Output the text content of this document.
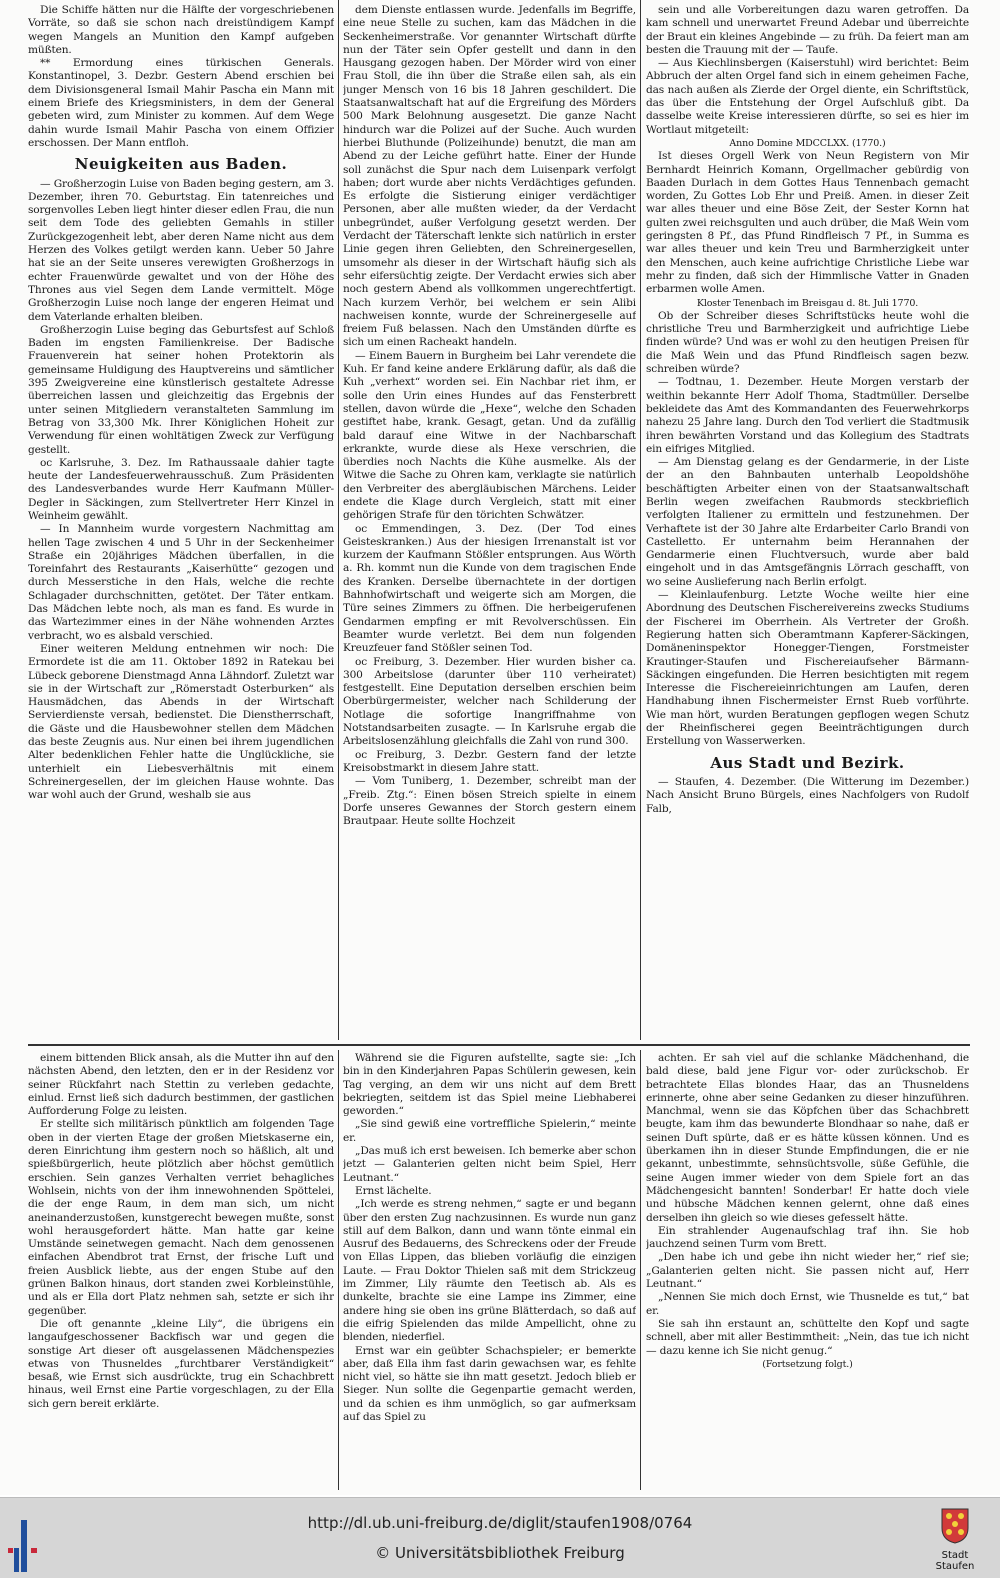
Die Schiffe hätten nur die Hälfte der vorgeschriebenen Vorräte, so daß sie schon nach dreistündigem Kampf wegen Mangels an Munition den Kampf aufgeben müßten.

** Ermordung eines türkischen Generals. Konstantinopel, 3. Dezbr. Gestern Abend erschien bei dem Divisionsgeneral Ismail Mahir Pascha ein Mann mit einem Briefe des Kriegsministers, in dem der General gebeten wird, zum Minister zu kommen. Auf dem Wege dahin wurde Ismail Mahir Pascha von einem Offizier erschossen. Der Mann entfloh.

Neuigkeiten aus Baden.

— Großherzogin Luise von Baden beging gestern, am 3. Dezember, ihren 70. Geburtstag. Ein tatenreiches und sorgenvolles Leben liegt hinter dieser edlen Frau, die nun seit dem Tode des geliebten Gemahls in stiller Zurückgezogenheit lebt, aber deren Name nicht aus dem Herzen des Volkes getilgt werden kann. Ueber 50 Jahre hat sie an der Seite unseres verewigten Großherzogs in echter Frauenwürde gewaltet und von der Höhe des Thrones aus viel Segen dem Lande vermittelt. Möge Großherzogin Luise noch lange der engeren Heimat und dem Vaterlande erhalten bleiben.

Großherzogin Luise beging das Geburtsfest auf Schloß Baden im engsten Familienkreise. Der Badische Frauenverein hat seiner hohen Protektorin als gemeinsame Huldigung des Hauptvereins und sämtlicher 395 Zweigvereine eine künstlerisch gestaltete Adresse überreichen lassen und gleichzeitig das Ergebnis der unter seinen Mitgliedern veranstalteten Sammlung im Betrag von 33,300 Mk. Ihrer Königlichen Hoheit zur Verwendung für einen wohltätigen Zweck zur Verfügung gestellt.

oc Karlsruhe, 3. Dez. Im Rathaussaale dahier tagte heute der Landesfeuerwehrausschuß. Zum Präsidenten des Landesverbandes wurde Herr Kaufmann Müller-Degler in Säckingen, zum Stellvertreter Herr Kinzel in Weinheim gewählt.

— In Mannheim wurde vorgestern Nachmittag am hellen Tage zwischen 4 und 5 Uhr in der Seckenheimer Straße ein 20jähriges Mädchen überfallen, in die Toreinfahrt des Restaurants „Kaiserhütte“ gezogen und durch Messerstiche in den Hals, welche die rechte Schlagader durchschnitten, getötet. Der Täter entkam. Das Mädchen lebte noch, als man es fand. Es wurde in das Wartezimmer eines in der Nähe wohnenden Arztes verbracht, wo es alsbald verschied.

Einer weiteren Meldung entnehmen wir noch: Die Ermordete ist die am 11. Oktober 1892 in Ratekau bei Lübeck geborene Dienstmagd Anna Lähndorf. Zuletzt war sie in der Wirtschaft zur „Römerstadt Osterburken“ als Hausmädchen, das Abends in der Wirtschaft Servierdienste versah, bedienstet. Die Dienstherrschaft, die Gäste und die Hausbewohner stellen dem Mädchen das beste Zeugnis aus. Nur einen bei ihrem jugendlichen Alter bedenklichen Fehler hatte die Unglückliche, sie unterhielt ein Liebesverhältnis mit einem Schreinergesellen, der im gleichen Hause wohnte. Das war wohl auch der Grund, weshalb sie aus

dem Dienste entlassen wurde. Jedenfalls im Begriffe, eine neue Stelle zu suchen, kam das Mädchen in die Seckenheimerstraße. Vor genannter Wirtschaft dürfte nun der Täter sein Opfer gestellt und dann in den Hausgang gezogen haben. Der Mörder wird von einer Frau Stoll, die ihn über die Straße eilen sah, als ein junger Mensch von 16 bis 18 Jahren geschildert. Die Staatsanwaltschaft hat auf die Ergreifung des Mörders 500 Mark Belohnung ausgesetzt. Die ganze Nacht hindurch war die Polizei auf der Suche. Auch wurden hierbei Bluthunde (Polizeihunde) benutzt, die man am Abend zu der Leiche geführt hatte. Einer der Hunde soll zunächst die Spur nach dem Luisenpark verfolgt haben; dort wurde aber nichts Verdächtiges gefunden. Es erfolgte die Sistierung einiger verdächtiger Personen, aber alle mußten wieder, da der Verdacht unbegründet, außer Verfolgung gesetzt werden. Der Verdacht der Täterschaft lenkte sich natürlich in erster Linie gegen ihren Geliebten, den Schreinergesellen, umsomehr als dieser in der Wirtschaft häufig sich als sehr eifersüchtig zeigte. Der Verdacht erwies sich aber noch gestern Abend als vollkommen ungerechtfertigt. Nach kurzem Verhör, bei welchem er sein Alibi nachweisen konnte, wurde der Schreinergeselle auf freiem Fuß belassen. Nach den Umständen dürfte es sich um einen Racheakt handeln.

— Einem Bauern in Burgheim bei Lahr verendete die Kuh. Er fand keine andere Erklärung dafür, als daß die Kuh „verhext“ worden sei. Ein Nachbar riet ihm, er solle den Urin eines Hundes auf das Fensterbrett stellen, davon würde die „Hexe“, welche den Schaden gestiftet habe, krank. Gesagt, getan. Und da zufällig bald darauf eine Witwe in der Nachbarschaft erkrankte, wurde diese als Hexe verschrien, die überdies noch Nachts die Kühe ausmelke. Als der Witwe die Sache zu Ohren kam, verklagte sie natürlich den Verbreiter des abergläubischen Märchens. Leider endete die Klage durch Vergleich, statt mit einer gehörigen Strafe für den törichten Schwätzer.

oc Emmendingen, 3. Dez. (Der Tod eines Geisteskranken.) Aus der hiesigen Irrenanstalt ist vor kurzem der Kaufmann Stößler entsprungen. Aus Wörth a. Rh. kommt nun die Kunde von dem tragischen Ende des Kranken. Derselbe übernachtete in der dortigen Bahnhofwirtschaft und weigerte sich am Morgen, die Türe seines Zimmers zu öffnen. Die herbeigerufenen Gendarmen empfing er mit Revolverschüssen. Ein Beamter wurde verletzt. Bei dem nun folgenden Kreuzfeuer fand Stößler seinen Tod.

oc Freiburg, 3. Dezember. Hier wurden bisher ca. 300 Arbeitslose (darunter über 110 verheiratet) festgestellt. Eine Deputation derselben erschien beim Oberbürgermeister, welcher nach Schilderung der Notlage die sofortige Inangriffnahme von Notstandsarbeiten zusagte. — In Karlsruhe ergab die Arbeitslosenzählung gleichfalls die Zahl von rund 300.

oc Freiburg, 3. Dezbr. Gestern fand der letzte Kreisobstmarkt in diesem Jahre statt.

— Vom Tuniberg, 1. Dezember, schreibt man der „Freib. Ztg.“: Einen bösen Streich spielte in einem Dorfe unseres Gewannes der Storch gestern einem Brautpaar. Heute sollte Hochzeit

sein und alle Vorbereitungen dazu waren getroffen. Da kam schnell und unerwartet Freund Adebar und überreichte der Braut ein kleines Angebinde — zu früh. Da feiert man am besten die Trauung mit der — Taufe.

— Aus Kiechlinsbergen (Kaiserstuhl) wird berichtet: Beim Abbruch der alten Orgel fand sich in einem geheimen Fache, das nach außen als Zierde der Orgel diente, ein Schriftstück, das über die Entstehung der Orgel Aufschluß gibt. Da dasselbe weite Kreise interessieren dürfte, so sei es hier im Wortlaut mitgeteilt:

Anno Domine MDCCLXX. (1770.)

Ist dieses Orgell Werk von Neun Registern von Mir Bernhardt Heinrich Komann, Orgellmacher gebürdig von Baaden Durlach in dem Gottes Haus Tennenbach gemacht worden, Zu Gottes Lob Ehr und Preiß. Amen. in dieser Zeit war alles theuer und eine Böse Zeit, der Sester Kornn hat gulten zwei reichsgulten und auch drüber, die Maß Wein vom geringsten 8 Pf., das Pfund Rindfleisch 7 Pf., in Summa es war alles theuer und kein Treu und Barmherzigkeit unter den Menschen, auch keine aufrichtige Christliche Liebe war mehr zu finden, daß sich der Himmlische Vatter in Gnaden erbarmen wolle Amen.

Kloster Tenenbach im Breisgau d. 8t. Juli 1770.

Ob der Schreiber dieses Schriftstücks heute wohl die christliche Treu und Barmherzigkeit und aufrichtige Liebe finden würde? Und was er wohl zu den heutigen Preisen für die Maß Wein und das Pfund Rindfleisch sagen bezw. schreiben würde?

— Todtnau, 1. Dezember. Heute Morgen verstarb der weithin bekannte Herr Adolf Thoma, Stadtmüller. Derselbe bekleidete das Amt des Kommandanten des Feuerwehrkorps nahezu 25 Jahre lang. Durch den Tod verliert die Stadtmusik ihren bewährten Vorstand und das Kollegium des Stadtrats ein eifriges Mitglied.

— Am Dienstag gelang es der Gendarmerie, in der Liste der an den Bahnbauten unterhalb Leopoldshöhe beschäftigten Arbeiter einen von der Staatsanwaltschaft Berlin wegen zweifachen Raubmords steckbrieflich verfolgten Italiener zu ermitteln und festzunehmen. Der Verhaftete ist der 30 Jahre alte Erdarbeiter Carlo Brandi von Castelletto. Er unternahm beim Herannahen der Gendarmerie einen Fluchtversuch, wurde aber bald eingeholt und in das Amtsgefängnis Lörrach geschafft, von wo seine Auslieferung nach Berlin erfolgt.

— Kleinlaufenburg. Letzte Woche weilte hier eine Abordnung des Deutschen Fischereivereins zwecks Studiums der Fischerei im Oberrhein. Als Vertreter der Großh. Regierung hatten sich Oberamtmann Kapferer-Säckingen, Domäneninspektor Honegger-Tiengen, Forstmeister Krautinger-Staufen und Fischereiaufseher Bärmann-Säckingen eingefunden. Die Herren besichtigten mit regem Interesse die Fischereieinrichtungen am Laufen, deren Handhabung ihnen Fischermeister Ernst Rueb vorführte. Wie man hört, wurden Beratungen gepflogen wegen Schutz der Rheinfischerei gegen Beeinträchtigungen durch Erstellung von Wasserwerken.

Aus Stadt und Bezirk.

— Staufen, 4. Dezember. (Die Witterung im Dezember.) Nach Ansicht Bruno Bürgels, eines Nachfolgers von Rudolf Falb,

einem bittenden Blick ansah, als die Mutter ihn auf den nächsten Abend, den letzten, den er in der Residenz vor seiner Rückfahrt nach Stettin zu verleben gedachte, einlud. Ernst ließ sich dadurch bestimmen, der gastlichen Aufforderung Folge zu leisten.

Er stellte sich militärisch pünktlich am folgenden Tage oben in der vierten Etage der großen Mietskaserne ein, deren Einrichtung ihm gestern noch so häßlich, alt und spießbürgerlich, heute plötzlich aber höchst gemütlich erschien. Sein ganzes Verhalten verriet behagliches Wohlsein, nichts von der ihm innewohnenden Spöttelei, die der enge Raum, in dem man sich, um nicht aneinanderzustoßen, kunstgerecht bewegen mußte, sonst wohl herausgefordert hätte. Man hatte gar keine Umstände seinetwegen gemacht. Nach dem genossenen einfachen Abendbrot trat Ernst, der frische Luft und freien Ausblick liebte, aus der engen Stube auf den grünen Balkon hinaus, dort standen zwei Korbleinstühle, und als er Ella dort Platz nehmen sah, setzte er sich ihr gegenüber.

Die oft genannte „kleine Lily“, die übrigens ein langaufgeschossener Backfisch war und gegen die sonstige Art dieser oft ausgelassenen Mädchenspezies etwas von Thusneldes „furchtbarer Verständigkeit“ besaß, wie Ernst sich ausdrückte, trug ein Schachbrett hinaus, weil Ernst eine Partie vorgeschlagen, zu der Ella sich gern bereit erklärte.

Während sie die Figuren aufstellte, sagte sie: „Ich bin in den Kinderjahren Papas Schülerin gewesen, kein Tag verging, an dem wir uns nicht auf dem Brett bekriegten, seitdem ist das Spiel meine Liebhaberei geworden.“

„Sie sind gewiß eine vortreffliche Spielerin,“ meinte er.

„Das muß ich erst beweisen. Ich bemerke aber schon jetzt — Galanterien gelten nicht beim Spiel, Herr Leutnant.“

Ernst lächelte.

„Ich werde es streng nehmen,“ sagte er und begann über den ersten Zug nachzusinnen. Es wurde nun ganz still auf dem Balkon, dann und wann tönte einmal ein Ausruf des Bedauerns, des Schreckens oder der Freude von Ellas Lippen, das blieben vorläufig die einzigen Laute. — Frau Doktor Thielen saß mit dem Strickzeug im Zimmer, Lily räumte den Teetisch ab. Als es dunkelte, brachte sie eine Lampe ins Zimmer, eine andere hing sie oben ins grüne Blätterdach, so daß auf die eifrig Spielenden das milde Ampellicht, ohne zu blenden, niederfiel.

Ernst war ein geübter Schachspieler; er bemerkte aber, daß Ella ihm fast darin gewachsen war, es fehlte nicht viel, so hätte sie ihn matt gesetzt. Jedoch blieb er Sieger. Nun sollte die Gegenpartie gemacht werden, und da schien es ihm unmöglich, so gar aufmerksam auf das Spiel zu

achten. Er sah viel auf die schlanke Mädchenhand, die bald diese, bald jene Figur vor- oder zurückschob. Er betrachtete Ellas blondes Haar, das an Thusneldens erinnerte, ohne aber seine Gedanken zu dieser hinzuführen. Manchmal, wenn sie das Köpfchen über das Schachbrett beugte, kam ihm das bewunderte Blondhaar so nahe, daß er seinen Duft spürte, daß er es hätte küssen können. Und es überkamen ihn in dieser Stunde Empfindungen, die er nie gekannt, unbestimmte, sehnsüchtsvolle, süße Gefühle, die seine Augen immer wieder von dem Spiele fort an das Mädchengesicht bannten! Sonderbar! Er hatte doch viele und hübsche Mädchen kennen gelernt, ohne daß eines derselben ihn gleich so wie dieses gefesselt hätte.

Ein strahlender Augenaufschlag traf ihn. Sie hob jauchzend seinen Turm vom Brett.

„Den habe ich und gebe ihn nicht wieder her,“ rief sie; „Galanterien gelten nicht. Sie passen nicht auf, Herr Leutnant.“

„Nennen Sie mich doch Ernst, wie Thusnelde es tut,“ bat er.

Sie sah ihn erstaunt an, schüttelte den Kopf und sagte schnell, aber mit aller Bestimmtheit: „Nein, das tue ich nicht — dazu kenne ich Sie nicht genug.“

(Fortsetzung folgt.)

http://dl.ub.uni-freiburg.de/diglit/staufen1908/0764
© Universitätsbibliothek Freiburg	Stadt Staufen
